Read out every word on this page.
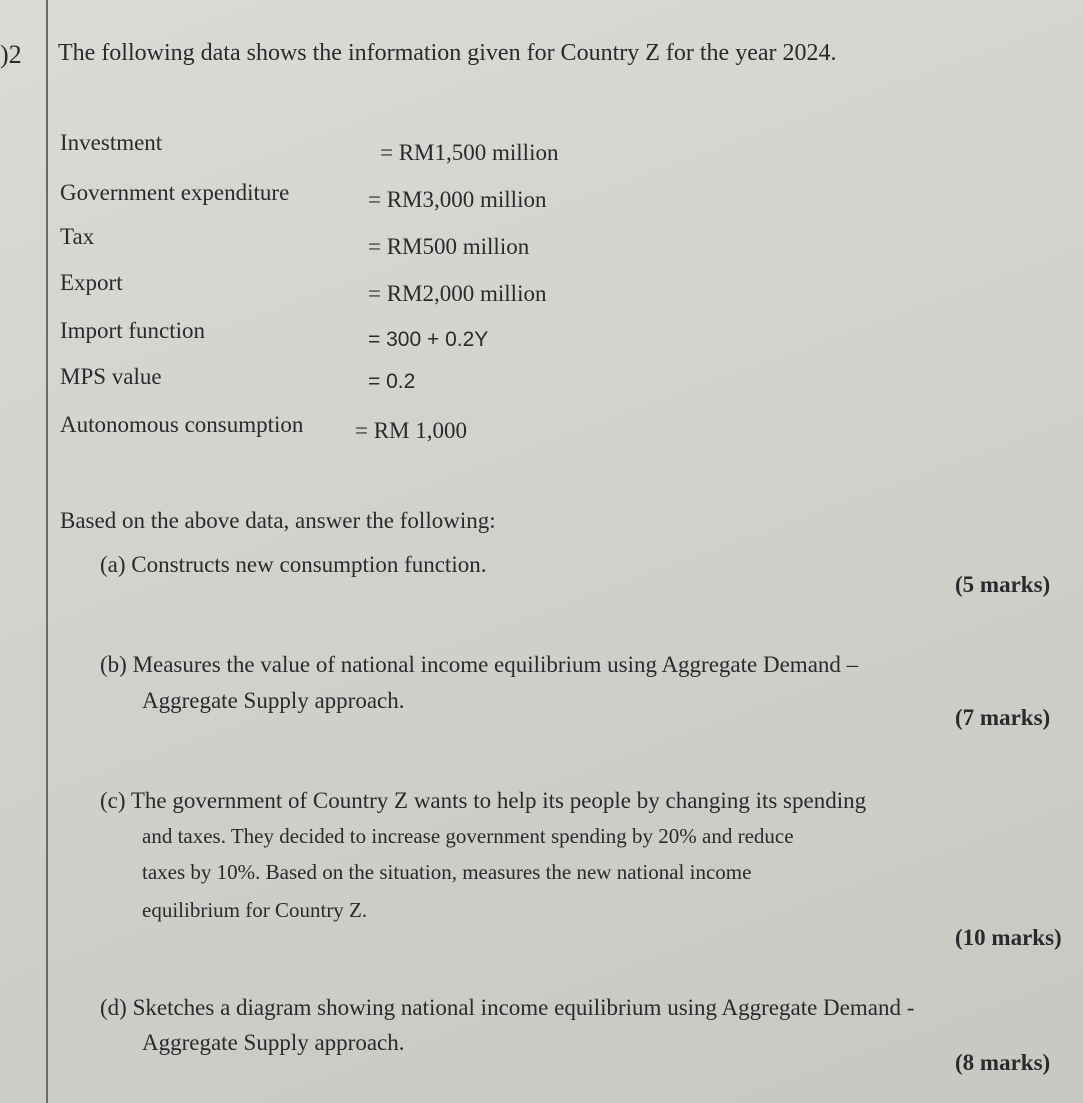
)2 The following data shows the information given for Country Z for the year 2024.
Investment	= RM1,500 million
Government expenditure	= RM3,000 million
Tax	= RM500 million
Export	= RM2,000 million
Import function	= 300 + 0.2Y
MPS value	= 0.2
Autonomous consumption = RM 1,000
Based on the above data, answer the following:
(a) Constructs new consumption function.
(5 marks)
(b) Measures the value of national income equilibrium using Aggregate Demand –
Aggregate Supply approach.
(7 marks)
(c) The government of Country Z wants to help its people by changing its spending
and taxes. They decided to increase government spending by 20% and reduce
taxes by 10%. Based on the situation, measures the new national income
equilibrium for Country Z.
(10 marks)
(d) Sketches a diagram showing national income equilibrium using Aggregate Demand -
Aggregate Supply approach.
(8 marks)
